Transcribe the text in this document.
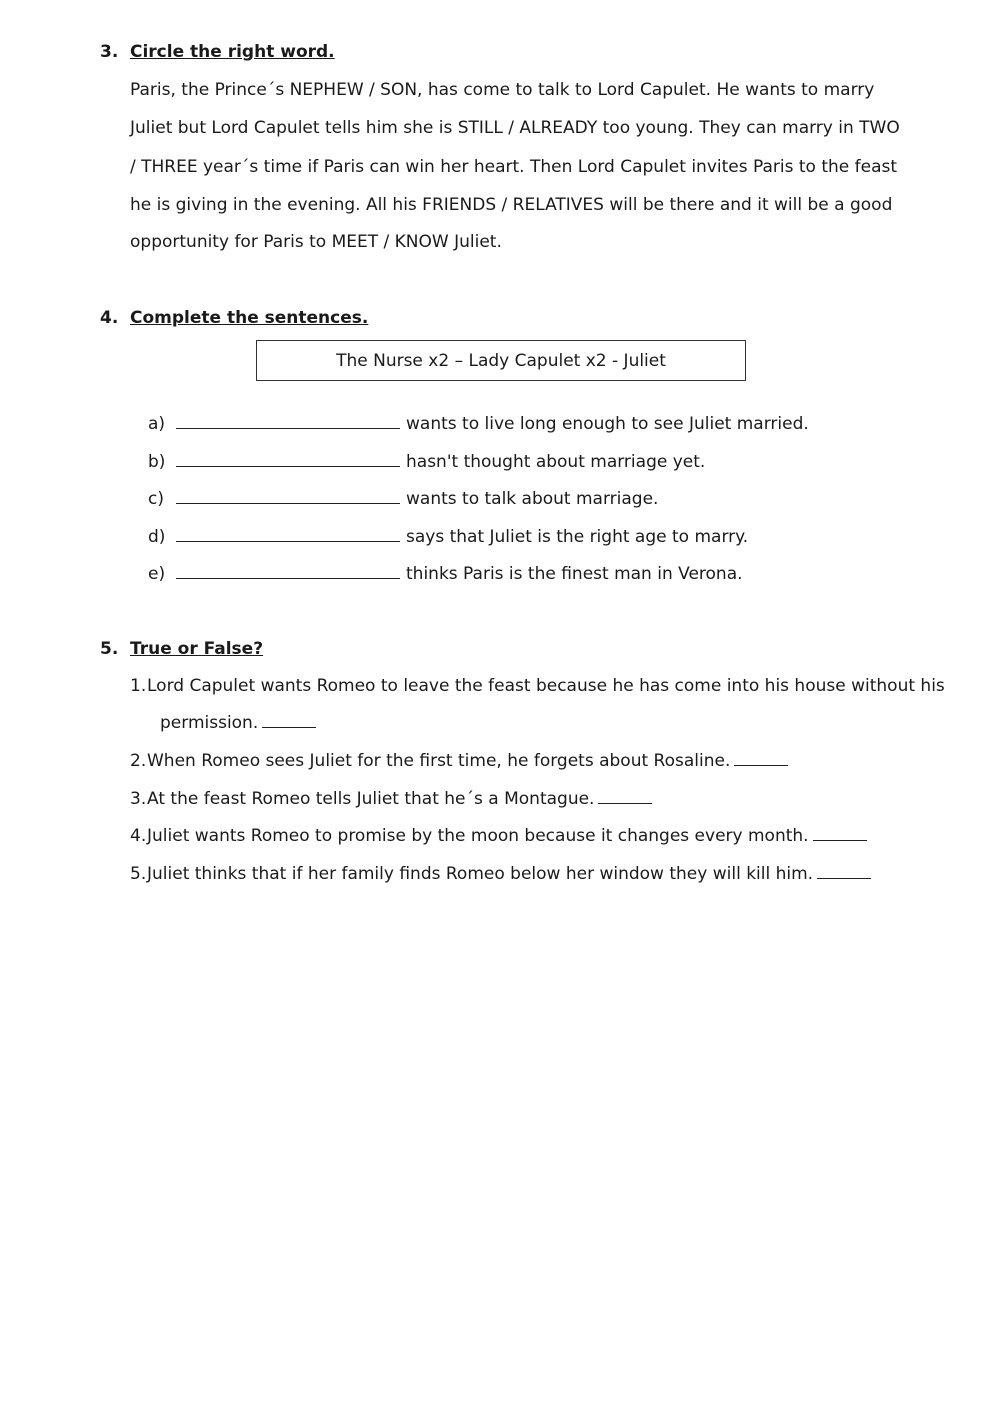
3. Circle the right word.
Paris, the Prince´s NEPHEW / SON, has come to talk to Lord Capulet. He wants to marry
Juliet but Lord Capulet tells him she is STILL / ALREADY too young. They can marry in TWO
/ THREE year´s time if Paris can win her heart. Then Lord Capulet invites Paris to the feast
he is giving in the evening. All his FRIENDS / RELATIVES will be there and it will be a good
opportunity for Paris to MEET / KNOW Juliet.
4. Complete the sentences.
The Nurse x2 – Lady Capulet x2 - Juliet
a)	wants to live long enough to see Juliet married.
b)	hasn't thought about marriage yet.
c)	wants to talk about marriage.
d)	says that Juliet is the right age to marry.
e)	thinks Paris is the finest man in Verona.
5. True or False?
1.Lord Capulet wants Romeo to leave the feast because he has come into his house without his
permission.
2.When Romeo sees Juliet for the first time, he forgets about Rosaline.
3.At the feast Romeo tells Juliet that he´s a Montague.
4.Juliet wants Romeo to promise by the moon because it changes every month.
5.Juliet thinks that if her family finds Romeo below her window they will kill him.
